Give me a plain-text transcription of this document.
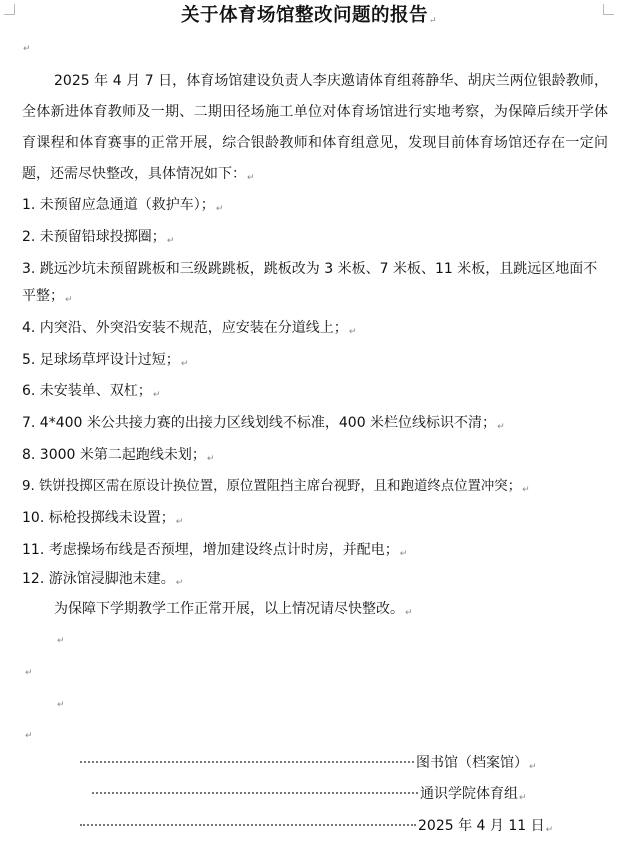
关于体育场馆整改问题的报告↵
↵
2025 年 4 月 7 日，体育场馆建设负责人李庆邀请体育组蒋静华、胡庆兰两位银龄教师，全体新进体育教师及一期、二期田径场施工单位对体育场馆进行实地考察，为保障后续开学体育课程和体育赛事的正常开展，综合银龄教师和体育组意见，发现目前体育场馆还存在一定问题，还需尽快整改，具体情况如下：↵
1. 未预留应急通道（救护车）；↵
2. 未预留铅球投掷圈；↵
3. 跳远沙坑未预留跳板和三级跳跳板，跳板改为 3 米板、7 米板、11 米板，且跳远区地面不平整；↵
4. 内突沿、外突沿安装不规范，应安装在分道线上；↵
5. 足球场草坪设计过短；↵
6. 未安装单、双杠；↵
7. 4*400 米公共接力赛的出接力区线划线不标准，400 米栏位线标识不清；↵
8. 3000 米第二起跑线未划；↵
9. 铁饼投掷区需在原设计换位置，原位置阻挡主席台视野，且和跑道终点位置冲突；↵
10. 标枪投掷线未设置；↵
11. 考虑操场布线是否预埋，增加建设终点计时房，并配电；↵
12. 游泳馆浸脚池未建。↵
为保障下学期教学工作正常开展，以上情况请尽快整改。↵
↵
↵
↵
↵
图书馆（档案馆）↵
通识学院体育组↵
2025 年 4 月 11 日↵
